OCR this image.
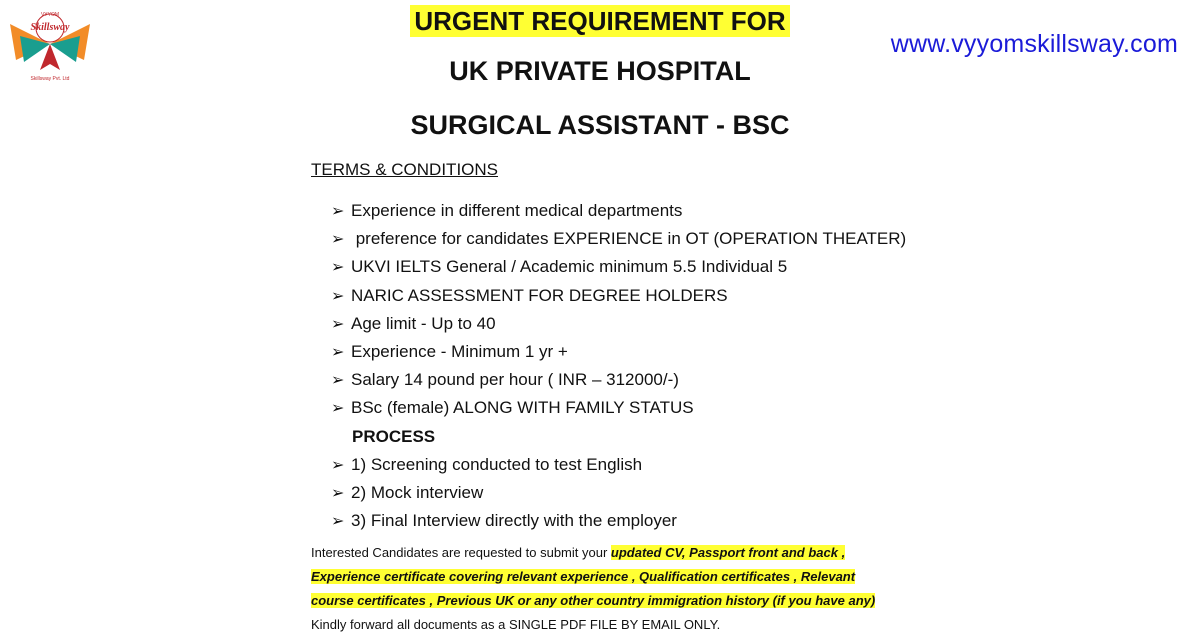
VYYOM
Skillsway
Skillsway Pvt. Ltd
www.vyyomskillsway.com
URGENT REQUIREMENT FOR
UK PRIVATE HOSPITAL
SURGICAL ASSISTANT - BSC
TERMS & CONDITIONS
➢ Experience in different medical departments
➢ preference for candidates EXPERIENCE in OT (OPERATION THEATER)
➢ UKVI IELTS General / Academic minimum 5.5 Individual 5
➢ NARIC ASSESSMENT FOR DEGREE HOLDERS
➢ Age limit - Up to 40
➢ Experience - Minimum 1 yr +
➢ Salary 14 pound per hour ( INR – 312000/-)
➢ BSc (female) ALONG WITH FAMILY STATUS
PROCESS
➢ 1) Screening conducted to test English
➢ 2) Mock interview
➢ 3) Final Interview directly with the employer
Interested Candidates are requested to submit your updated CV, Passport front and back , Experience certificate covering relevant experience , Qualification certificates , Relevant course certificates , Previous UK or any other country immigration history (if you have any) Kindly forward all documents as a SINGLE PDF FILE BY EMAIL ONLY.
